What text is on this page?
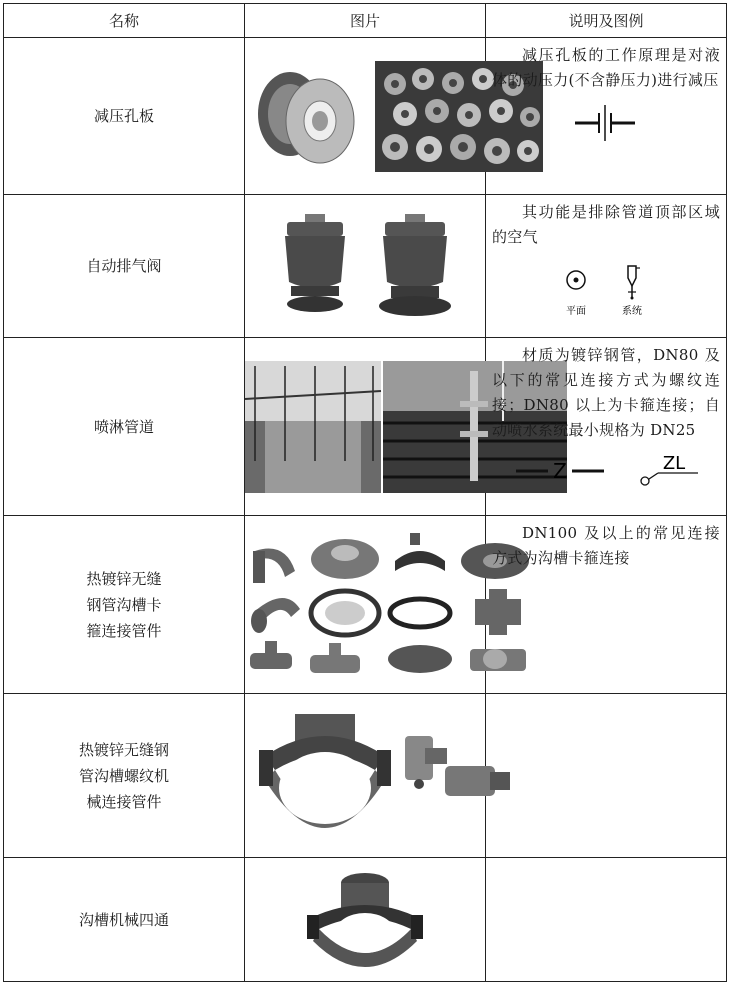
名称	图片	说明及图例
减压孔板		减压孔板的工作原理是对液体的动压力(不含静压力)进行减压

自动排气阀		其功能是排除管道顶部区域的空气
平面 系统

喷淋管道		材质为镀锌钢管，DN80 及以下的常见连接方式为螺纹连接；DN80 以上为卡箍连接；自动喷水系统最小规格为 DN25
Z ZL

热镀锌无缝钢管沟槽卡箍连接管件		DN100 及以上的常见连接方式为沟槽卡箍连接

热镀锌无缝钢管沟槽螺纹机械连接管件		

沟槽机械四通		
